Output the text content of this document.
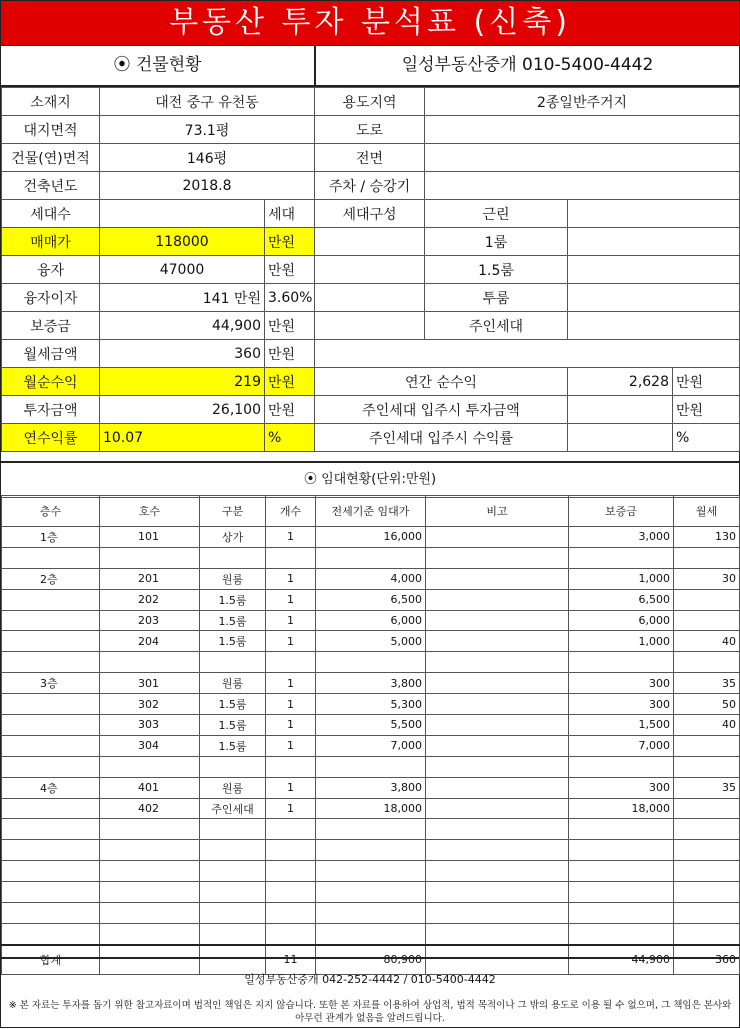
부동산 투자 분석표 (신축)
⦿ 건물현황	일성부동산중개 010-5400-4442
소재지	대전 중구 유천동		용도지역	2종일반주거지		
대지면적	73.1평		도로			
건물(연)면적	146평		전면			
건축년도	2018.8		주차 / 승강기			
세대수		세대	세대구성	근린		
매매가	118000	만원		1룸		
융자	47000	만원		1.5룸		
융자이자	141 만원	3.60%		투룸		
보증금	44,900	만원		주인세대		
월세금액	360	만원				
월순수익	219	만원	연간 순수익		2,628	만원
투자금액	26,100	만원	주인세대 입주시 투자금액			만원
연수익률	10.07	%	주인세대 입주시 수익률			%
⦿ 임대현황(단위:만원)
층수	호수	구분	개수	전세기준 임대가	비고	보증금	월세
1층	101	상가	1	16,000		3,000	130

2층	201	원룸	1	4,000		1,000	30
	202	1.5룸	1	6,500		6,500	
	203	1.5룸	1	6,000		6,000	
	204	1.5룸	1	5,000		1,000	40

3층	301	원룸	1	3,800		300	35
	302	1.5룸	1	5,300		300	50
	303	1.5룸	1	5,500		1,500	40
	304	1.5룸	1	7,000		7,000	

4층	401	원룸	1	3,800		300	35
	402	주인세대	1	18,000		18,000	

합계			11	80,900		44,900	360
일성부동산중개 042-252-4442 / 010-5400-4442
※ 본 자료는 투자를 돕기 위한 참고자료이며 법적인 책임은 지지 않습니다. 또한 본 자료를 이용하여 상업적, 법적 목적이나 그 밖의 용도로 이용 될 수 없으며, 그 책임은 본사와 아무런 관계가 없음을 알려드립니다.
